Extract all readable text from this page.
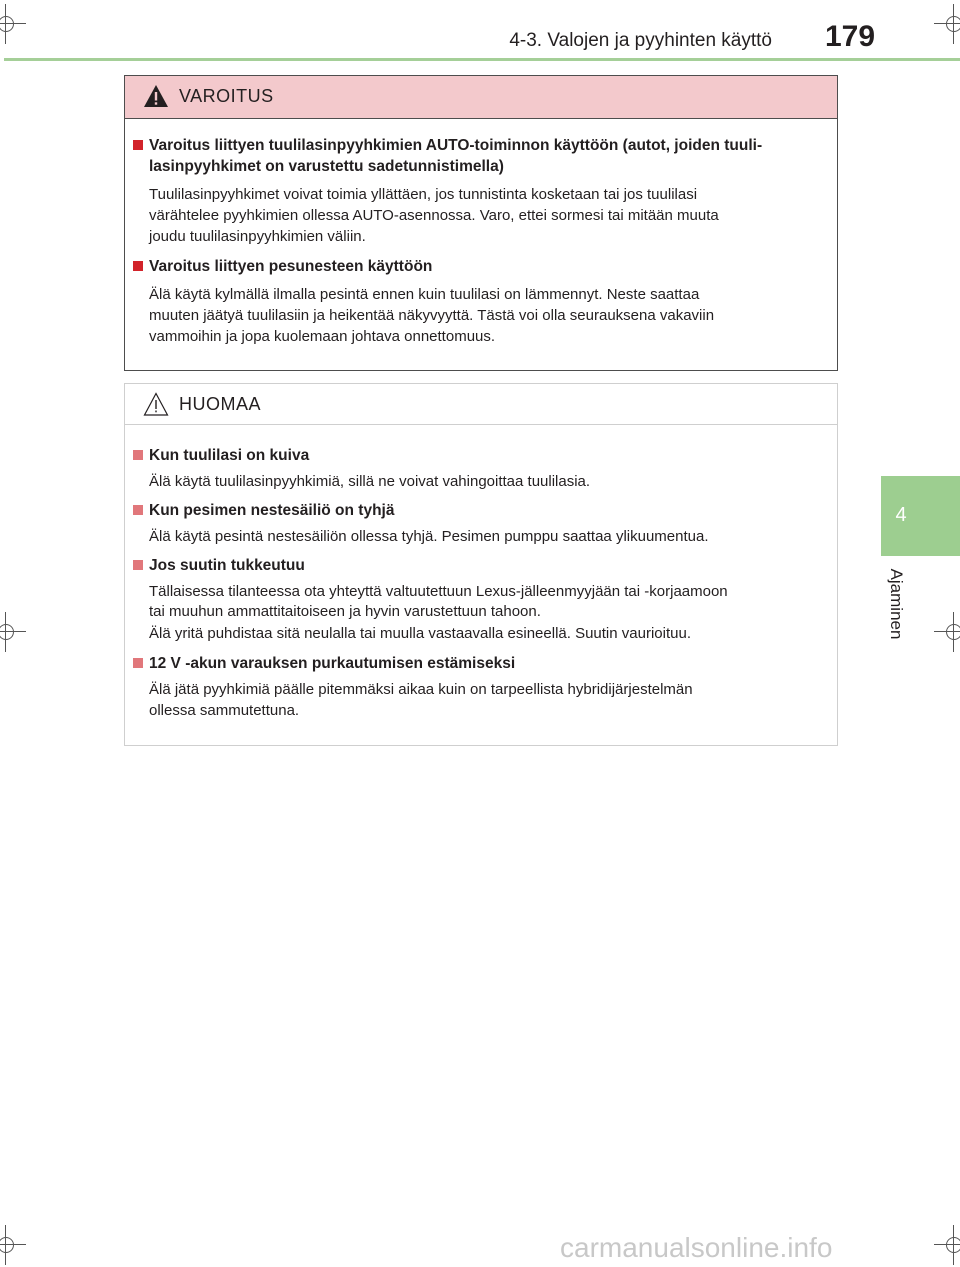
4-3. Valojen ja pyyhinten käyttö 179
4
Ajaminen
VAROITUS
Varoitus liittyen tuulilasinpyyhkimien AUTO-toiminnon käyttöön (autot, joiden tuuli-
lasinpyyhkimet on varustettu sadetunnistimella)
Tuulilasinpyyhkimet voivat toimia yllättäen, jos tunnistinta kosketaan tai jos tuulilasi
värähtelee pyyhkimien ollessa AUTO-asennossa. Varo, ettei sormesi tai mitään muuta
joudu tuulilasinpyyhkimien väliin.
Varoitus liittyen pesunesteen käyttöön
Älä käytä kylmällä ilmalla pesintä ennen kuin tuulilasi on lämmennyt. Neste saattaa
muuten jäätyä tuulilasiin ja heikentää näkyvyyttä. Tästä voi olla seurauksena vakaviin
vammoihin ja jopa kuolemaan johtava onnettomuus.
HUOMAA
Kun tuulilasi on kuiva
Älä käytä tuulilasinpyyhkimiä, sillä ne voivat vahingoittaa tuulilasia.
Kun pesimen nestesäiliö on tyhjä
Älä käytä pesintä nestesäiliön ollessa tyhjä. Pesimen pumppu saattaa ylikuumentua.
Jos suutin tukkeutuu
Tällaisessa tilanteessa ota yhteyttä valtuutettuun Lexus-jälleenmyyjään tai -korjaamoon
tai muuhun ammattitaitoiseen ja hyvin varustettuun tahoon.
Älä yritä puhdistaa sitä neulalla tai muulla vastaavalla esineellä. Suutin vaurioituu.
12 V -akun varauksen purkautumisen estämiseksi
Älä jätä pyyhkimiä päälle pitemmäksi aikaa kuin on tarpeellista hybridijärjestelmän
ollessa sammutettuna.
carmanualsonline.info
